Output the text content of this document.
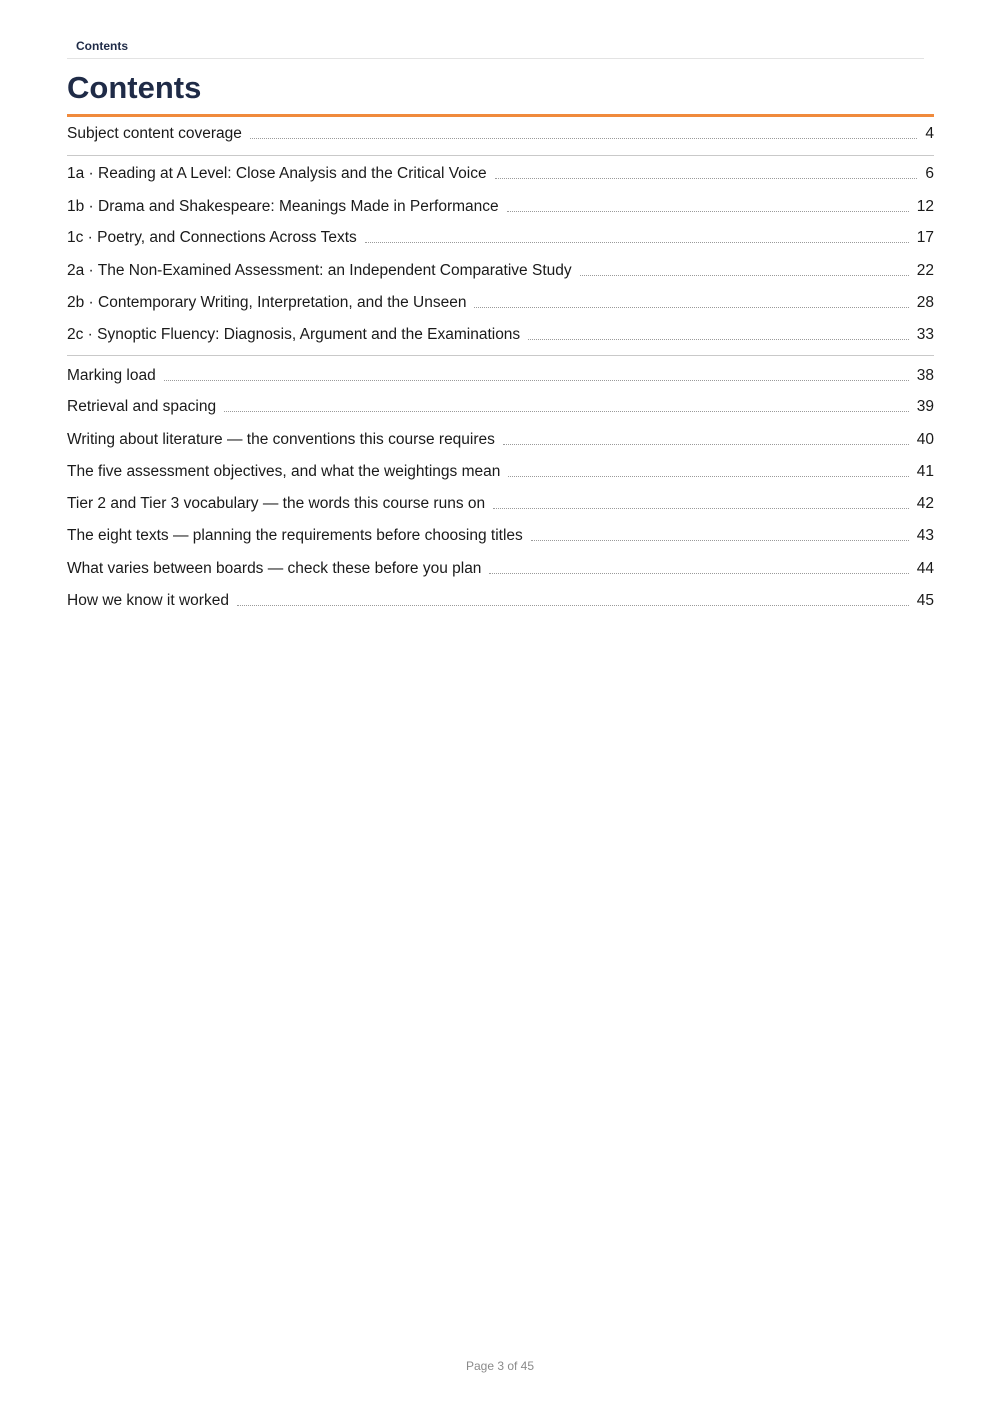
Contents
Contents
Subject content coverage	4
1a · Reading at A Level: Close Analysis and the Critical Voice	6
1b · Drama and Shakespeare: Meanings Made in Performance	12
1c · Poetry, and Connections Across Texts	17
2a · The Non-Examined Assessment: an Independent Comparative Study	22
2b · Contemporary Writing, Interpretation, and the Unseen	28
2c · Synoptic Fluency: Diagnosis, Argument and the Examinations	33
Marking load	38
Retrieval and spacing	39
Writing about literature — the conventions this course requires	40
The five assessment objectives, and what the weightings mean	41
Tier 2 and Tier 3 vocabulary — the words this course runs on	42
The eight texts — planning the requirements before choosing titles	43
What varies between boards — check these before you plan	44
How we know it worked	45
Page 3 of 45
